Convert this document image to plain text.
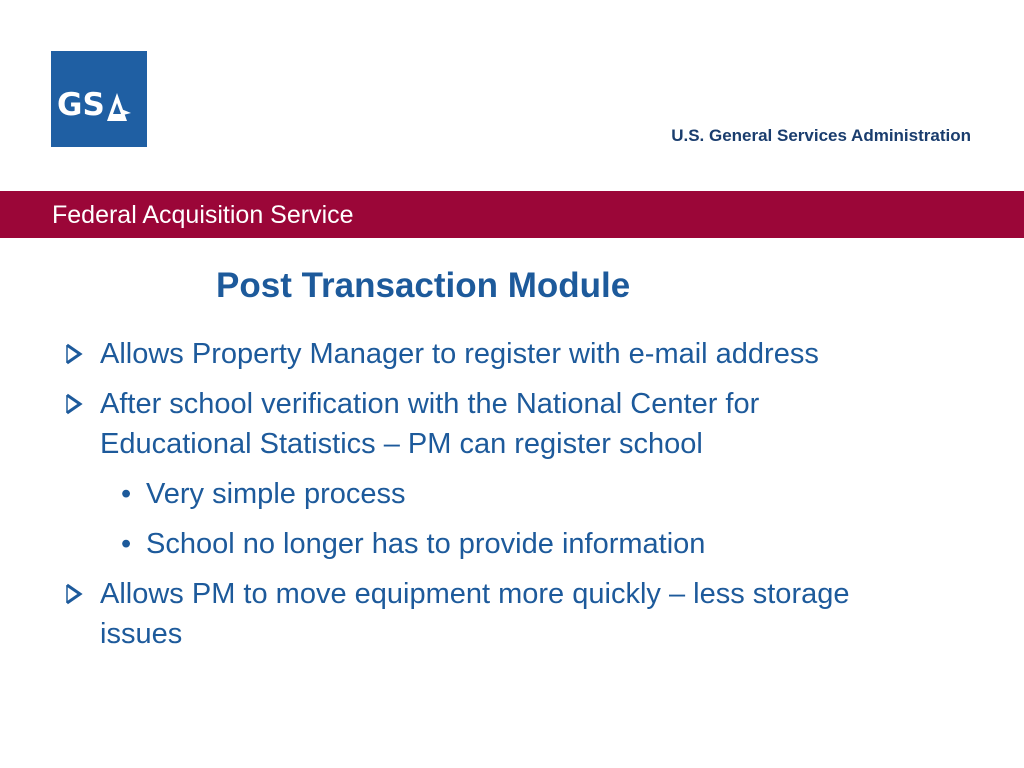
GS
U.S. General Services Administration
Federal Acquisition Service
Post Transaction Module
Allows Property Manager to register with e-mail address
After school verification with the National Center for Educational Statistics – PM can register school
• Very simple process
• School no longer has to provide information
Allows PM to move equipment more quickly – less storage issues
